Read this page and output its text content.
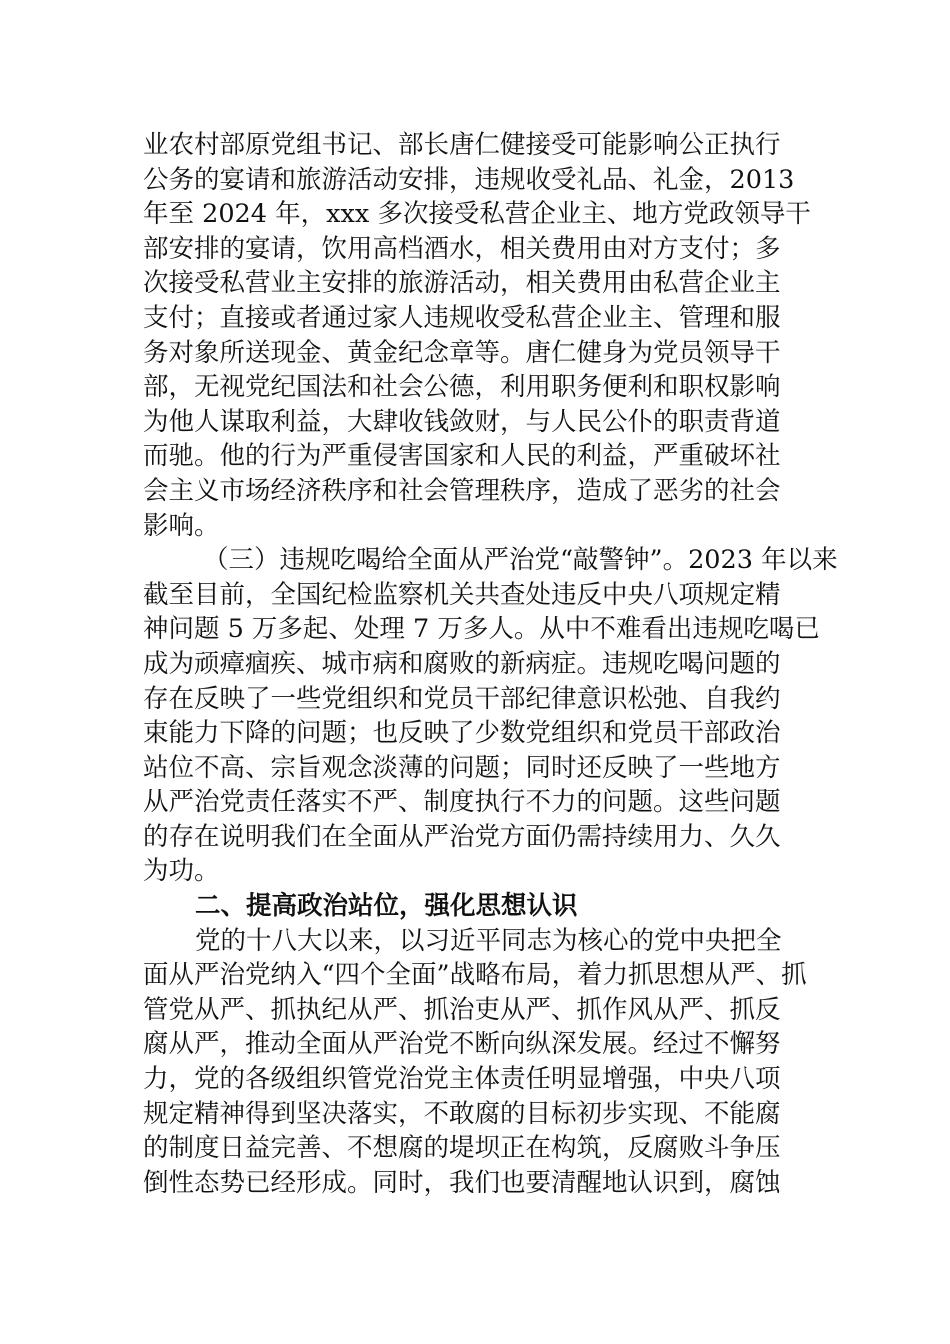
业农村部原党组书记、部长唐仁健接受可能影响公正执行
公务的宴请和旅游活动安排，违规收受礼品、礼金，2013
年至 2024 年，xxx 多次接受私营企业主、地方党政领导干
部安排的宴请，饮用高档酒水，相关费用由对方支付；多
次接受私营业主安排的旅游活动，相关费用由私营企业主
支付；直接或者通过家人违规收受私营企业主、管理和服
务对象所送现金、黄金纪念章等。唐仁健身为党员领导干
部，无视党纪国法和社会公德，利用职务便利和职权影响
为他人谋取利益，大肆收钱敛财，与人民公仆的职责背道
而驰。他的行为严重侵害国家和人民的利益，严重破坏社
会主义市场经济秩序和社会管理秩序，造成了恶劣的社会
影响。
（三）违规吃喝给全面从严治党“敲警钟”。2023 年以来
截至目前，全国纪检监察机关共查处违反中央八项规定精
神问题 5 万多起、处理 7 万多人。从中不难看出违规吃喝已
成为顽瘴痼疾、城市病和腐败的新病症。违规吃喝问题的
存在反映了一些党组织和党员干部纪律意识松弛、自我约
束能力下降的问题；也反映了少数党组织和党员干部政治
站位不高、宗旨观念淡薄的问题；同时还反映了一些地方
从严治党责任落实不严、制度执行不力的问题。这些问题
的存在说明我们在全面从严治党方面仍需持续用力、久久
为功。
二、提高政治站位，强化思想认识
党的十八大以来，以习近平同志为核心的党中央把全
面从严治党纳入“四个全面”战略布局，着力抓思想从严、抓
管党从严、抓执纪从严、抓治吏从严、抓作风从严、抓反
腐从严，推动全面从严治党不断向纵深发展。经过不懈努
力，党的各级组织管党治党主体责任明显增强，中央八项
规定精神得到坚决落实，不敢腐的目标初步实现、不能腐
的制度日益完善、不想腐的堤坝正在构筑，反腐败斗争压
倒性态势已经形成。同时，我们也要清醒地认识到，腐蚀
